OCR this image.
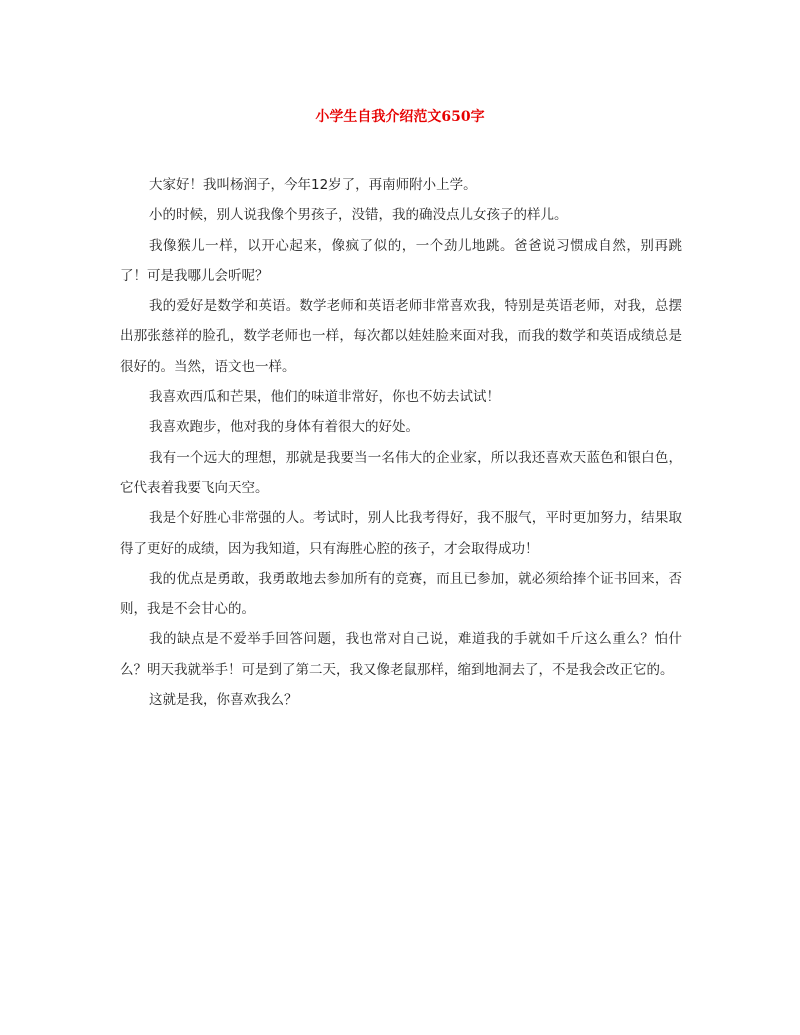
小学生自我介绍范文650字

大家好！我叫杨润子，今年12岁了，再南师附小上学。

小的时候，别人说我像个男孩子，没错，我的确没点儿女孩子的样儿。

我像猴儿一样，以开心起来，像疯了似的，一个劲儿地跳。爸爸说习惯成自然，别再跳了！可是我哪儿会听呢？

我的爱好是数学和英语。数学老师和英语老师非常喜欢我，特别是英语老师，对我，总摆出那张慈祥的脸孔，数学老师也一样，每次都以娃娃脸来面对我，而我的数学和英语成绩总是很好的。当然，语文也一样。

我喜欢西瓜和芒果，他们的味道非常好，你也不妨去试试！

我喜欢跑步，他对我的身体有着很大的好处。

我有一个远大的理想，那就是我要当一名伟大的企业家，所以我还喜欢天蓝色和银白色，它代表着我要飞向天空。

我是个好胜心非常强的人。考试时，别人比我考得好，我不服气，平时更加努力，结果取得了更好的成绩，因为我知道，只有海胜心腔的孩子，才会取得成功！

我的优点是勇敢，我勇敢地去参加所有的竞赛，而且已参加，就必须给捧个证书回来，否则，我是不会甘心的。

我的缺点是不爱举手回答问题，我也常对自己说，难道我的手就如千斤这么重么？怕什么？明天我就举手！可是到了第二天，我又像老鼠那样，缩到地洞去了，不是我会改正它的。

这就是我，你喜欢我么？
